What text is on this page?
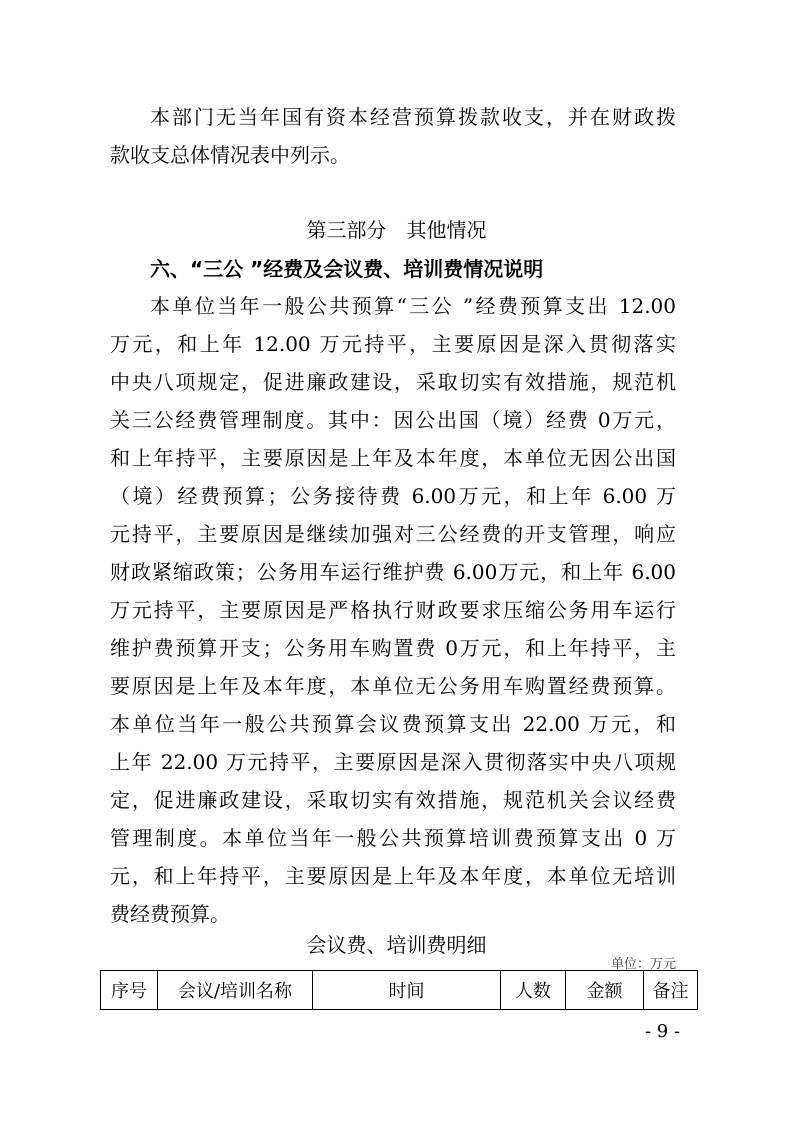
本部门无当年国有资本经营预算拨款收支，并在财政拨
款收支总体情况表中列示。
第三部分　其他情况
六、“三公 ”经费及会议费、培训费情况说明
本单位当年一般公共预算“三公 ”经费预算支出 12.00
万元，和上年 12.00 万元持平，主要原因是深入贯彻落实
中央八项规定，促进廉政建设，采取切实有效措施，规范机
关三公经费管理制度。其中：因公出国（境）经费 0万元，
和上年持平，主要原因是上年及本年度，本单位无因公出国
（境）经费预算；公务接待费 6.00万元，和上年 6.00 万
元持平，主要原因是继续加强对三公经费的开支管理，响应
财政紧缩政策；公务用车运行维护费 6.00万元，和上年 6.00
万元持平，主要原因是严格执行财政要求压缩公务用车运行
维护费预算开支；公务用车购置费 0万元，和上年持平，主
要原因是上年及本年度，本单位无公务用车购置经费预算。
本单位当年一般公共预算会议费预算支出 22.00 万元，和
上年 22.00 万元持平，主要原因是深入贯彻落实中央八项规
定，促进廉政建设，采取切实有效措施，规范机关会议经费
管理制度。本单位当年一般公共预算培训费预算支出 0 万
元，和上年持平，主要原因是上年及本年度，本单位无培训
费经费预算。
会议费、培训费明细
单位：万元
序号	会议/培训名称	时间	人数	金额	备注
- 9 -
